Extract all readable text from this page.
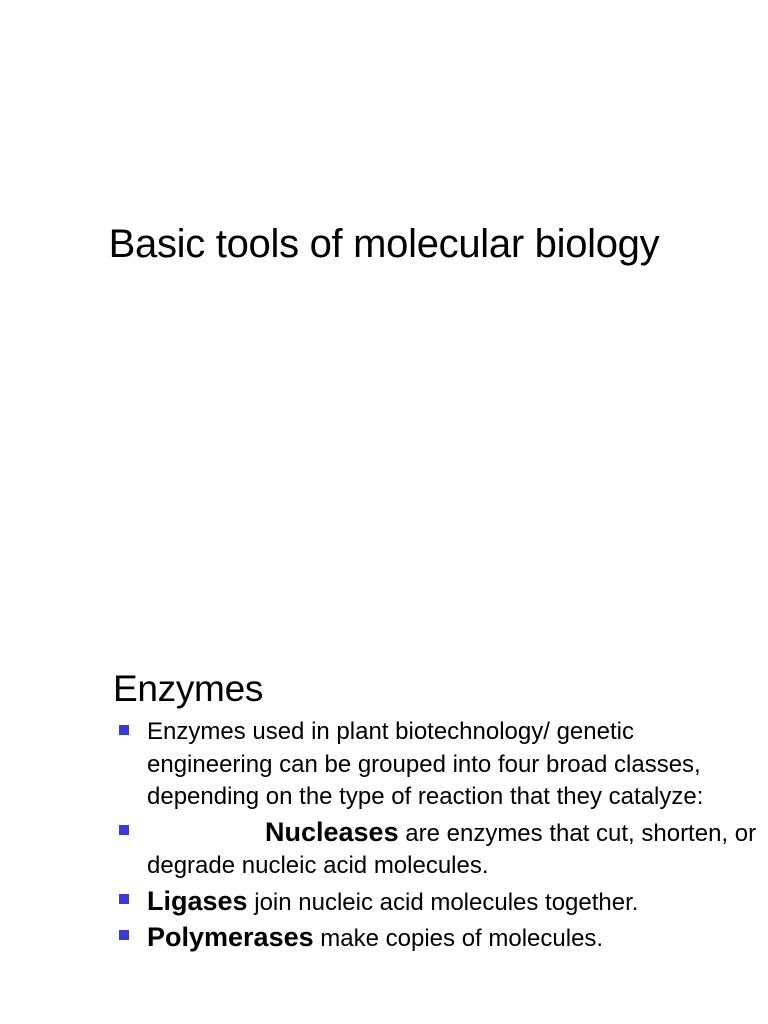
Basic tools of molecular biology
Enzymes
Enzymes used in plant biotechnology/ genetic engineering can be grouped into four broad classes, depending on the type of reaction that they catalyze:
Nucleases are enzymes that cut, shorten, or degrade nucleic acid molecules.
Ligases join nucleic acid molecules together.
Polymerases make copies of molecules.
